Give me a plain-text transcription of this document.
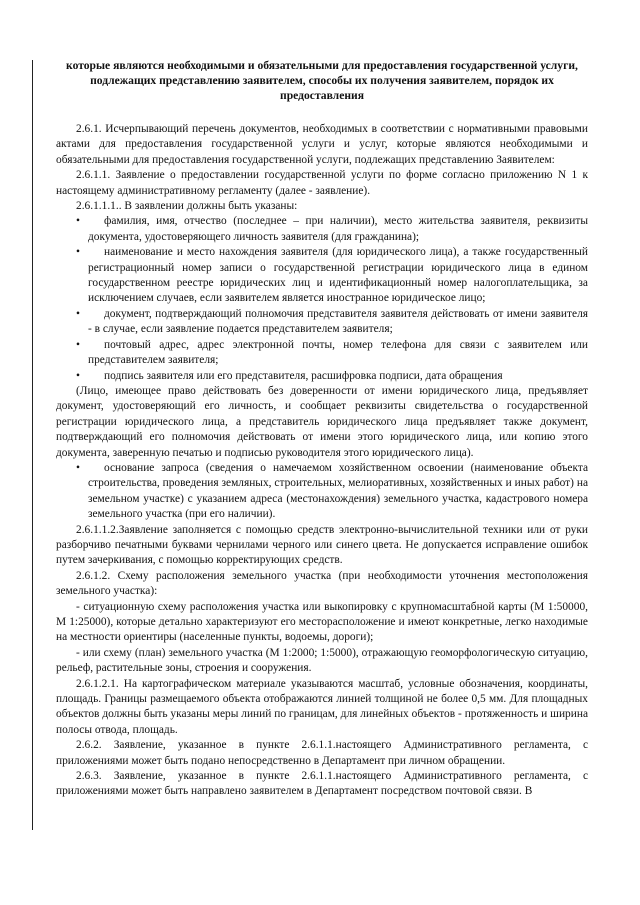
которые являются необходимыми и обязательными для предоставления государственной услуги, подлежащих представлению заявителем, способы их получения заявителем, порядок их предоставления

2.6.1. Исчерпывающий перечень документов, необходимых в соответствии с нормативными правовыми актами для предоставления государственной услуги и услуг, которые являются необходимыми и обязательными для предоставления государственной услуги, подлежащих представлению Заявителем:

2.6.1.1. Заявление о предоставлении государственной услуги по форме согласно приложению N 1 к настоящему административному регламенту (далее - заявление).

2.6.1.1.1.. В заявлении должны быть указаны:

•	фамилия, имя, отчество (последнее – при наличии), место жительства заявителя, реквизиты документа, удостоверяющего личность заявителя (для гражданина);
•	наименование и место нахождения заявителя (для юридического лица), а также государственный регистрационный номер записи о государственной регистрации юридического лица в едином государственном реестре юридических лиц и идентификационный номер налогоплательщика, за исключением случаев, если заявителем является иностранное юридическое лицо;
•	документ, подтверждающий полномочия представителя заявителя действовать от имени заявителя - в случае, если заявление подается представителем заявителя;
•	почтовый адрес, адрес электронной почты, номер телефона для связи с заявителем или представителем заявителя;
•	подпись заявителя или его представителя, расшифровка подписи, дата обращения

(Лицо, имеющее право действовать без доверенности от имени юридического лица, предъявляет документ, удостоверяющий его личность, и сообщает реквизиты свидетельства о государственной регистрации юридического лица, а представитель юридического лица предъявляет также документ, подтверждающий его полномочия действовать от имени этого юридического лица, или копию этого документа, заверенную печатью и подписью руководителя этого юридического лица).

•	основание запроса (сведения о намечаемом хозяйственном освоении (наименование объекта строительства, проведения земляных, строительных, мелиоративных, хозяйственных и иных работ) на земельном участке) с указанием адреса (местонахождения) земельного участка, кадастрового номера земельного участка (при его наличии).

2.6.1.1.2.Заявление заполняется с помощью средств электронно-вычислительной техники или от руки разборчиво печатными буквами чернилами черного или синего цвета. Не допускается исправление ошибок путем зачеркивания, с помощью корректирующих средств.

2.6.1.2. Схему расположения земельного участка (при необходимости уточнения местоположения земельного участка):

- ситуационную схему расположения участка или выкопировку с крупномасштабной карты (М 1:50000, М 1:25000), которые детально характеризуют его месторасположение и имеют конкретные, легко находимые на местности ориентиры (населенные пункты, водоемы, дороги);

- или схему (план) земельного участка (М 1:2000; 1:5000), отражающую геоморфологическую ситуацию, рельеф, растительные зоны, строения и сооружения.

2.6.1.2.1. На картографическом материале указываются масштаб, условные обозначения, координаты, площадь. Границы размещаемого объекта отображаются линией толщиной не более 0,5 мм. Для площадных объектов должны быть указаны меры линий по границам, для линейных объектов - протяженность и ширина полосы отвода, площадь.

2.6.2. Заявление, указанное в пункте 2.6.1.1.настоящего Административного регламента, с приложениями может быть подано непосредственно в Департамент при личном обращении.

2.6.3. Заявление, указанное в пункте 2.6.1.1.настоящего Административного регламента, с приложениями может быть направлено заявителем в Департамент посредством почтовой связи. В
